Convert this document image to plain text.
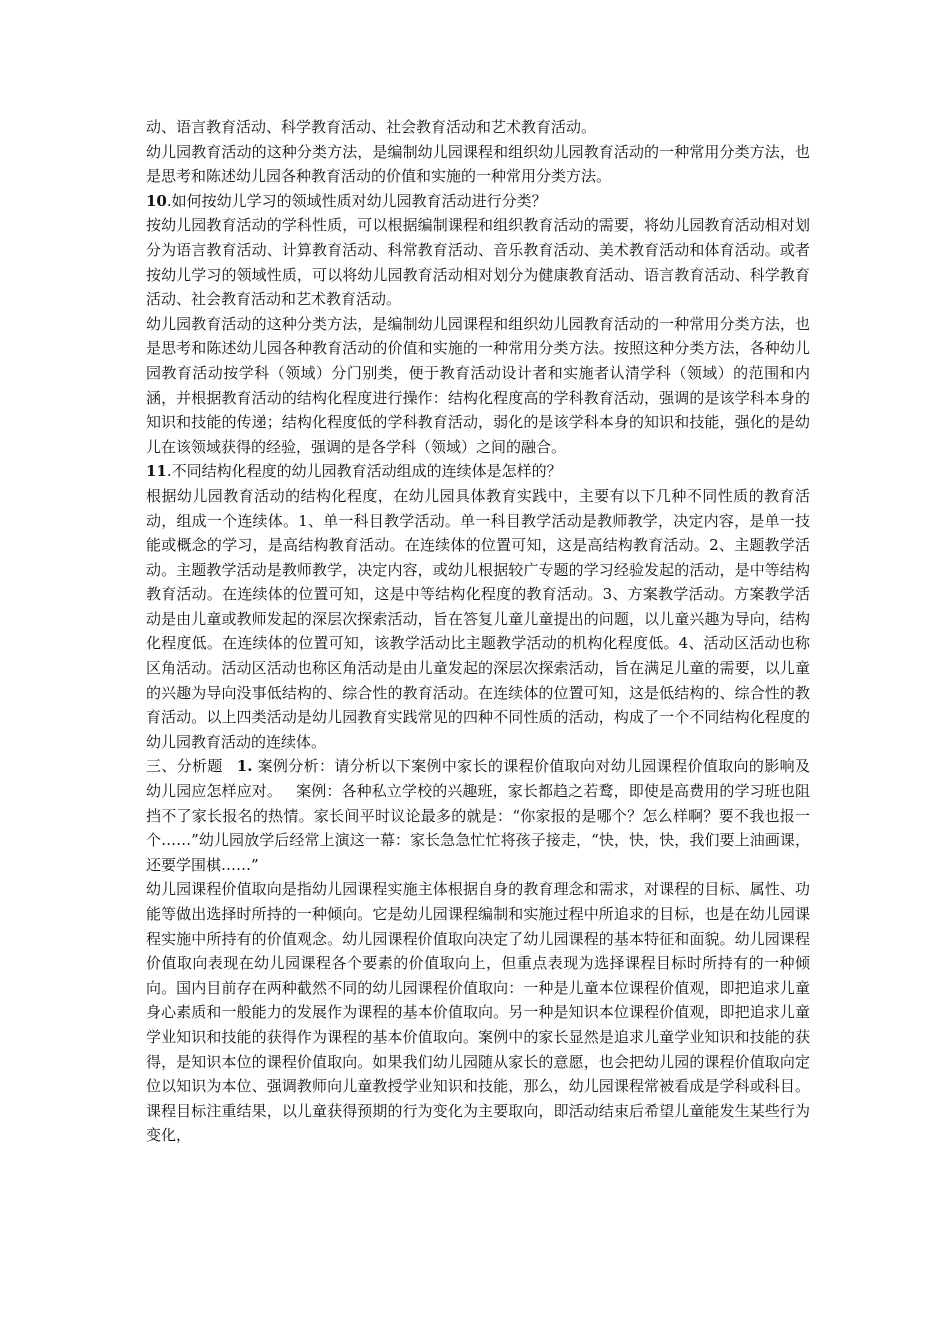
动、语言教育活动、科学教育活动、社会教育活动和艺术教育活动。

幼儿园教育活动的这种分类方法，是编制幼儿园课程和组织幼儿园教育活动的一种常用分类方法，也是思考和陈述幼儿园各种教育活动的价值和实施的一种常用分类方法。

10.如何按幼儿学习的领域性质对幼儿园教育活动进行分类？

按幼儿园教育活动的学科性质，可以根据编制课程和组织教育活动的需要，将幼儿园教育活动相对划分为语言教育活动、计算教育活动、科常教育活动、音乐教育活动、美术教育活动和体育活动。或者按幼儿学习的领域性质，可以将幼儿园教育活动相对划分为健康教育活动、语言教育活动、科学教育活动、社会教育活动和艺术教育活动。

幼儿园教育活动的这种分类方法，是编制幼儿园课程和组织幼儿园教育活动的一种常用分类方法，也是思考和陈述幼儿园各种教育活动的价值和实施的一种常用分类方法。按照这种分类方法，各种幼儿园教育活动按学科（领域）分门别类，便于教育活动设计者和实施者认清学科（领域）的范围和内涵，并根据教育活动的结构化程度进行操作：结构化程度高的学科教育活动，强调的是该学科本身的知识和技能的传递；结构化程度低的学科教育活动，弱化的是该学科本身的知识和技能，强化的是幼儿在该领域获得的经验，强调的是各学科（领域）之间的融合。

11.不同结构化程度的幼儿园教育活动组成的连续体是怎样的？

根据幼儿园教育活动的结构化程度，在幼儿园具体教育实践中，主要有以下几种不同性质的教育活动，组成一个连续体。1、单一科目教学活动。单一科目教学活动是教师教学，决定内容，是单一技能或概念的学习，是高结构教育活动。在连续体的位置可知，这是高结构教育活动。2、主题教学活动。主题教学活动是教师教学，决定内容，或幼儿根据较广专题的学习经验发起的活动，是中等结构教育活动。在连续体的位置可知，这是中等结构化程度的教育活动。3、方案教学活动。方案教学活动是由儿童或教师发起的深层次探索活动，旨在答复儿童儿童提出的问题，以儿童兴趣为导向，结构化程度低。在连续体的位置可知，该教学活动比主题教学活动的机构化程度低。4、活动区活动也称区角活动。活动区活动也称区角活动是由儿童发起的深层次探索活动，旨在满足儿童的需要，以儿童的兴趣为导向没事低结构的、综合性的教育活动。在连续体的位置可知，这是低结构的、综合性的教育活动。以上四类活动是幼儿园教育实践常见的四种不同性质的活动，构成了一个不同结构化程度的幼儿园教育活动的连续体。

三、分析题 1. 案例分析：请分析以下案例中家长的课程价值取向对幼儿园课程价值取向的影响及幼儿园应怎样应对。 案例：各种私立学校的兴趣班，家长都趋之若鹜，即使是高费用的学习班也阻挡不了家长报名的热情。家长间平时议论最多的就是：“你家报的是哪个？怎么样啊？要不我也报一个……”幼儿园放学后经常上演这一幕：家长急急忙忙将孩子接走，“快，快，快，我们要上油画课，还要学围棋……”

幼儿园课程价值取向是指幼儿园课程实施主体根据自身的教育理念和需求，对课程的目标、属性、功能等做出选择时所持的一种倾向。它是幼儿园课程编制和实施过程中所追求的目标，也是在幼儿园课程实施中所持有的价值观念。幼儿园课程价值取向决定了幼儿园课程的基本特征和面貌。幼儿园课程价值取向表现在幼儿园课程各个要素的价值取向上，但重点表现为选择课程目标时所持有的一种倾向。国内目前存在两种截然不同的幼儿园课程价值取向：一种是儿童本位课程价值观，即把追求儿童身心素质和一般能力的发展作为课程的基本价值取向。另一种是知识本位课程价值观，即把追求儿童学业知识和技能的获得作为课程的基本价值取向。案例中的家长显然是追求儿童学业知识和技能的获得，是知识本位的课程价值取向。如果我们幼儿园随从家长的意愿，也会把幼儿园的课程价值取向定位以知识为本位、强调教师向儿童教授学业知识和技能，那么，幼儿园课程常被看成是学科或科目。课程目标注重结果，以儿童获得预期的行为变化为主要取向，即活动结束后希望儿童能发生某些行为变化，
